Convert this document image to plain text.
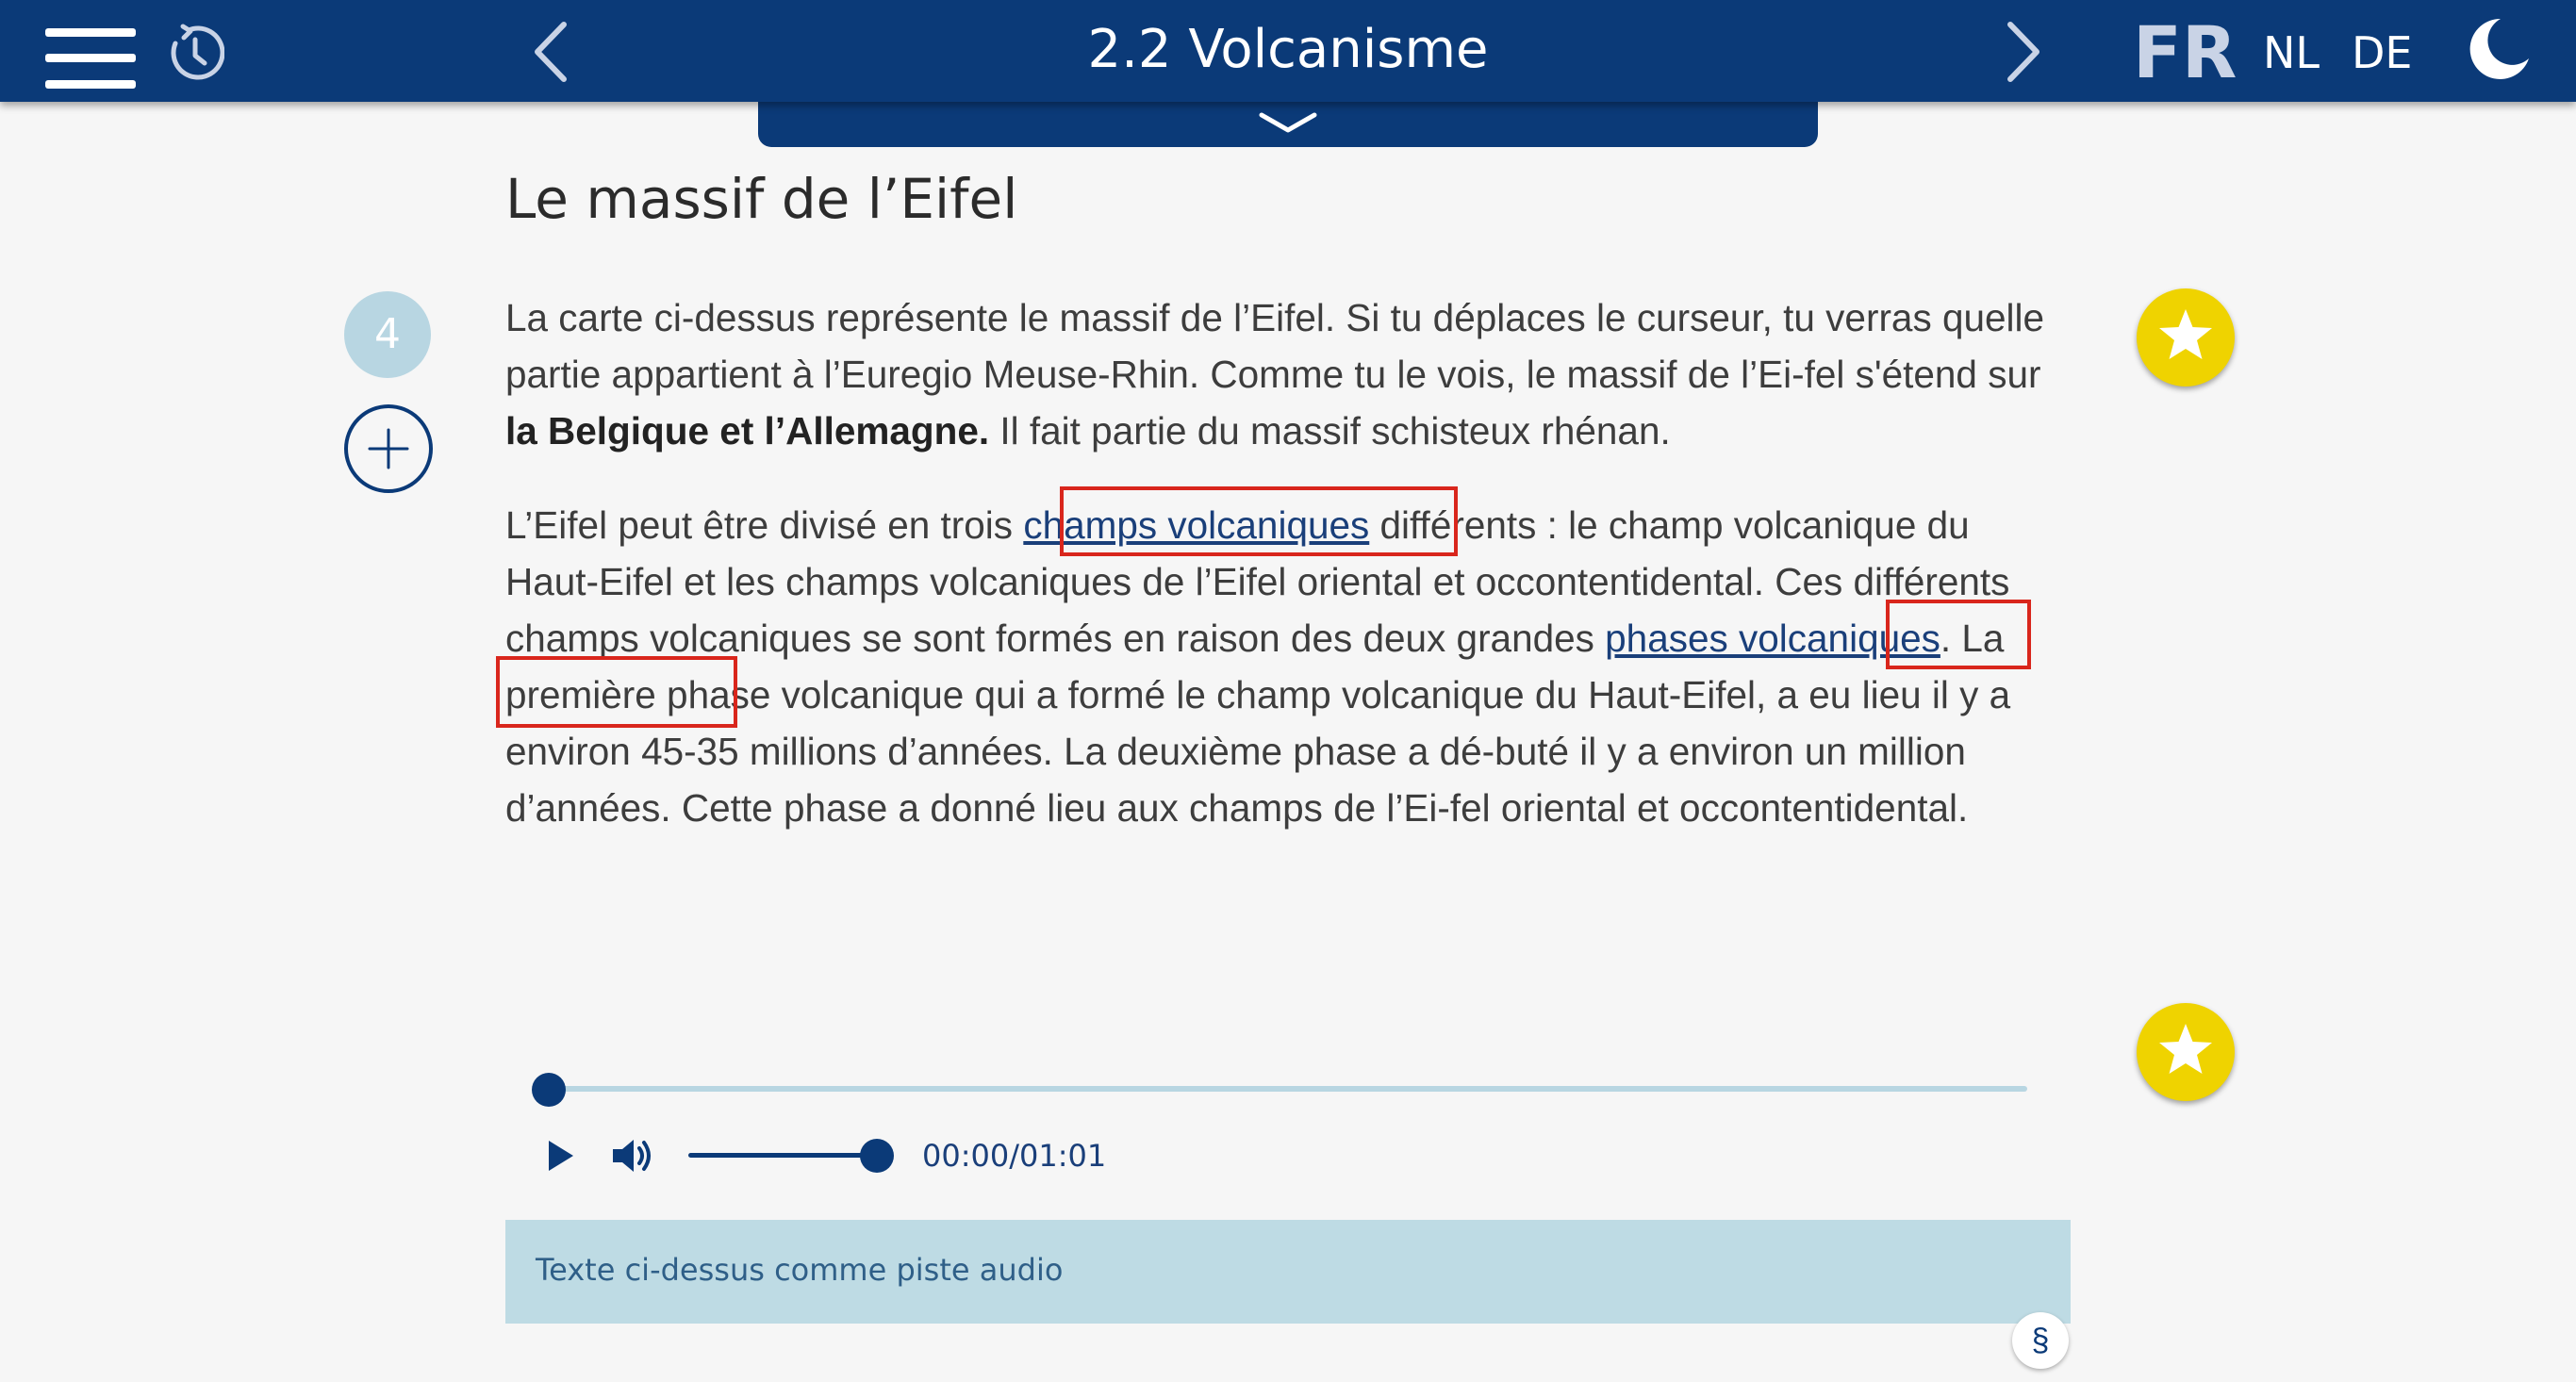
2.2 Volcanisme	FR NL DE
Le massif de l’Eifel
4	La carte ci-dessus représente le massif de l’Eifel. Si tu déplaces le curseur, tu verras quelle partie appartient à l’Euregio Meuse-Rhin. Comme tu le vois, le massif de l’Ei-fel s'étend sur la Belgique et l’Allemagne. Il fait partie du massif schisteux rhénan.

L’Eifel peut être divisé en trois champs volcaniques différents : le champ volcanique du Haut-Eifel et les champs volcaniques de l’Eifel oriental et occontentidental. Ces différents champs volcaniques se sont formés en raison des deux grandes phases volcaniques. La première phase volcanique qui a formé le champ volcanique du Haut-Eifel, a eu lieu il y a environ 45-35 millions d’années. La deuxième phase a dé-buté il y a environ un million d’années. Cette phase a donné lieu aux champs de l’Ei-fel oriental et occontentidental.

00:00/01:01
Texte ci-dessus comme piste audio
§
